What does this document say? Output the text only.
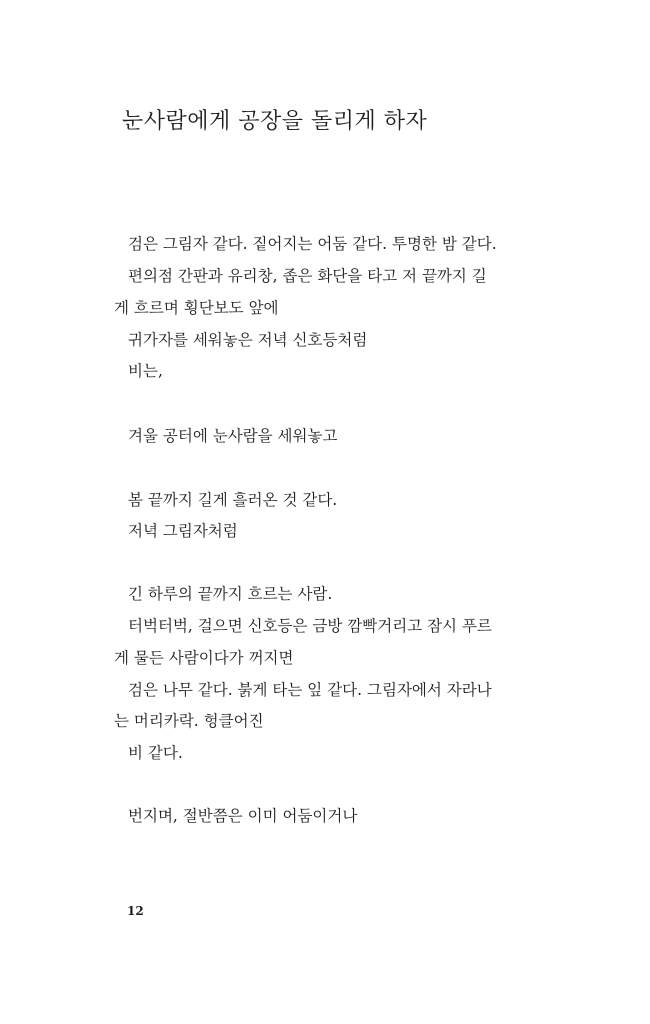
눈사람에게 공장을 돌리게 하자

검은 그림자 같다. 짙어지는 어둠 같다. 투명한 밤 같다.

편의점 간판과 유리창, 좁은 화단을 타고 저 끝까지 길

게 흐르며 횡단보도 앞에

귀가자를 세워놓은 저녁 신호등처럼

비는,

겨울 공터에 눈사람을 세워놓고

봄 끝까지 길게 흘러온 것 같다.

저녁 그림자처럼

긴 하루의 끝까지 흐르는 사람.

터벅터벅, 걸으면 신호등은 금방 깜빡거리고 잠시 푸르

게 물든 사람이다가 꺼지면

검은 나무 같다. 붉게 타는 잎 같다. 그림자에서 자라나

는 머리카락. 헝클어진

비 같다.

번지며, 절반쯤은 이미 어둠이거나

12
